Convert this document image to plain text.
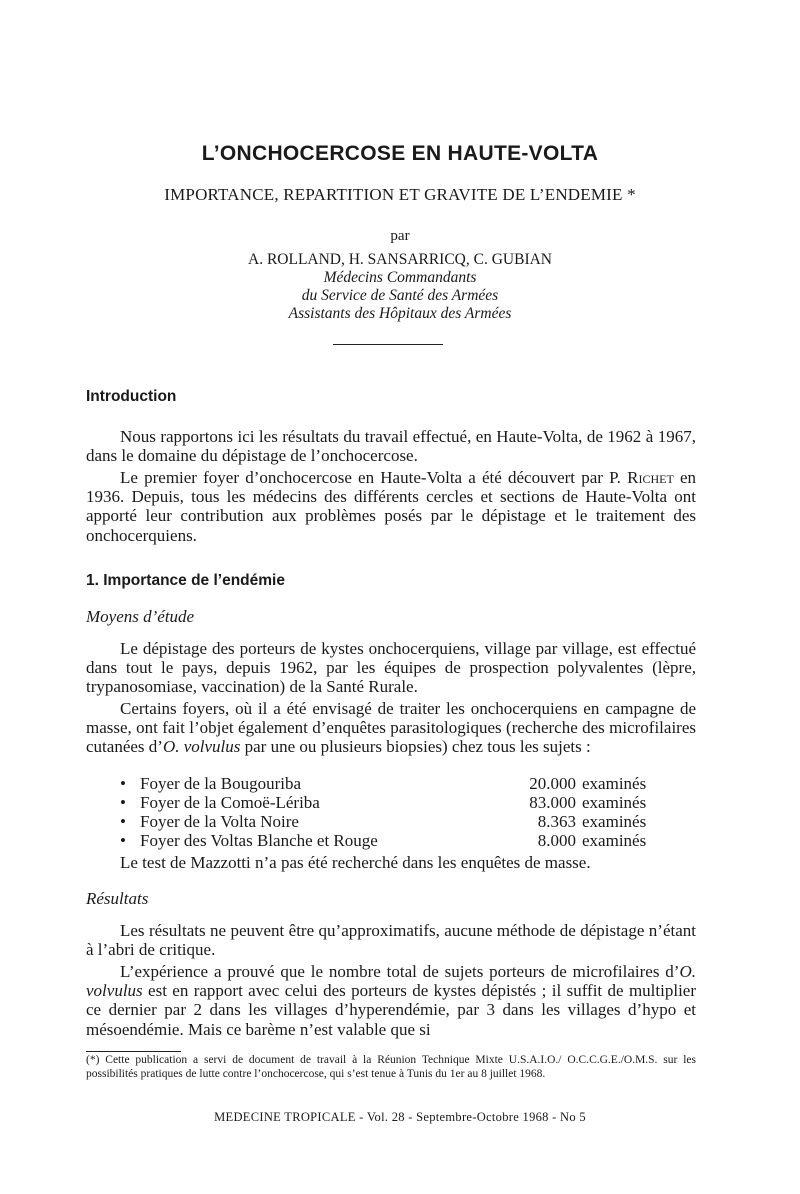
L’ONCHOCERCOSE EN HAUTE-VOLTA
IMPORTANCE, REPARTITION ET GRAVITE DE L’ENDEMIE *
par
A. ROLLAND, H. SANSARRICQ, C. GUBIAN
Médecins Commandants
du Service de Santé des Armées
Assistants des Hôpitaux des Armées
Introduction
Nous rapportons ici les résultats du travail effectué, en Haute-Volta, de 1962 à 1967, dans le domaine du dépistage de l’onchocercose.
Le premier foyer d’onchocercose en Haute-Volta a été découvert par P. Richet en 1936. Depuis, tous les médecins des différents cercles et sections de Haute-Volta ont apporté leur contribution aux problèmes posés par le dépistage et le traitement des onchocerquiens.
1. Importance de l’endémie
Moyens d’étude
Le dépistage des porteurs de kystes onchocerquiens, village par village, est effectué dans tout le pays, depuis 1962, par les équipes de prospection polyvalentes (lèpre, trypanosomiase, vaccination) de la Santé Rurale.
Certains foyers, où il a été envisagé de traiter les onchocerquiens en campagne de masse, ont fait l’objet également d’enquêtes parasitologiques (recherche des microfilaires cutanées d’O. volvulus par une ou plusieurs biopsies) chez tous les sujets :
• Foyer de la Bougouriba	20.000 examinés
• Foyer de la Comoë-Lériba	83.000 examinés
• Foyer de la Volta Noire	8.363 examinés
• Foyer des Voltas Blanche et Rouge	8.000 examinés
Le test de Mazzotti n’a pas été recherché dans les enquêtes de masse.
Résultats
Les résultats ne peuvent être qu’approximatifs, aucune méthode de dépistage n’étant à l’abri de critique.
L’expérience a prouvé que le nombre total de sujets porteurs de microfilaires d’O. volvulus est en rapport avec celui des porteurs de kystes dépistés ; il suffit de multiplier ce dernier par 2 dans les villages d’hyperendémie, par 3 dans les villages d’hypo et mésoendémie. Mais ce barème n’est valable que si
(*) Cette publication a servi de document de travail à la Réunion Technique Mixte U.S.A.I.O./ O.C.C.G.E./O.M.S. sur les possibilités pratiques de lutte contre l’onchocercose, qui s’est tenue à Tunis du 1er au 8 juillet 1968.
MEDECINE TROPICALE - Vol. 28 - Septembre-Octobre 1968 - No 5
